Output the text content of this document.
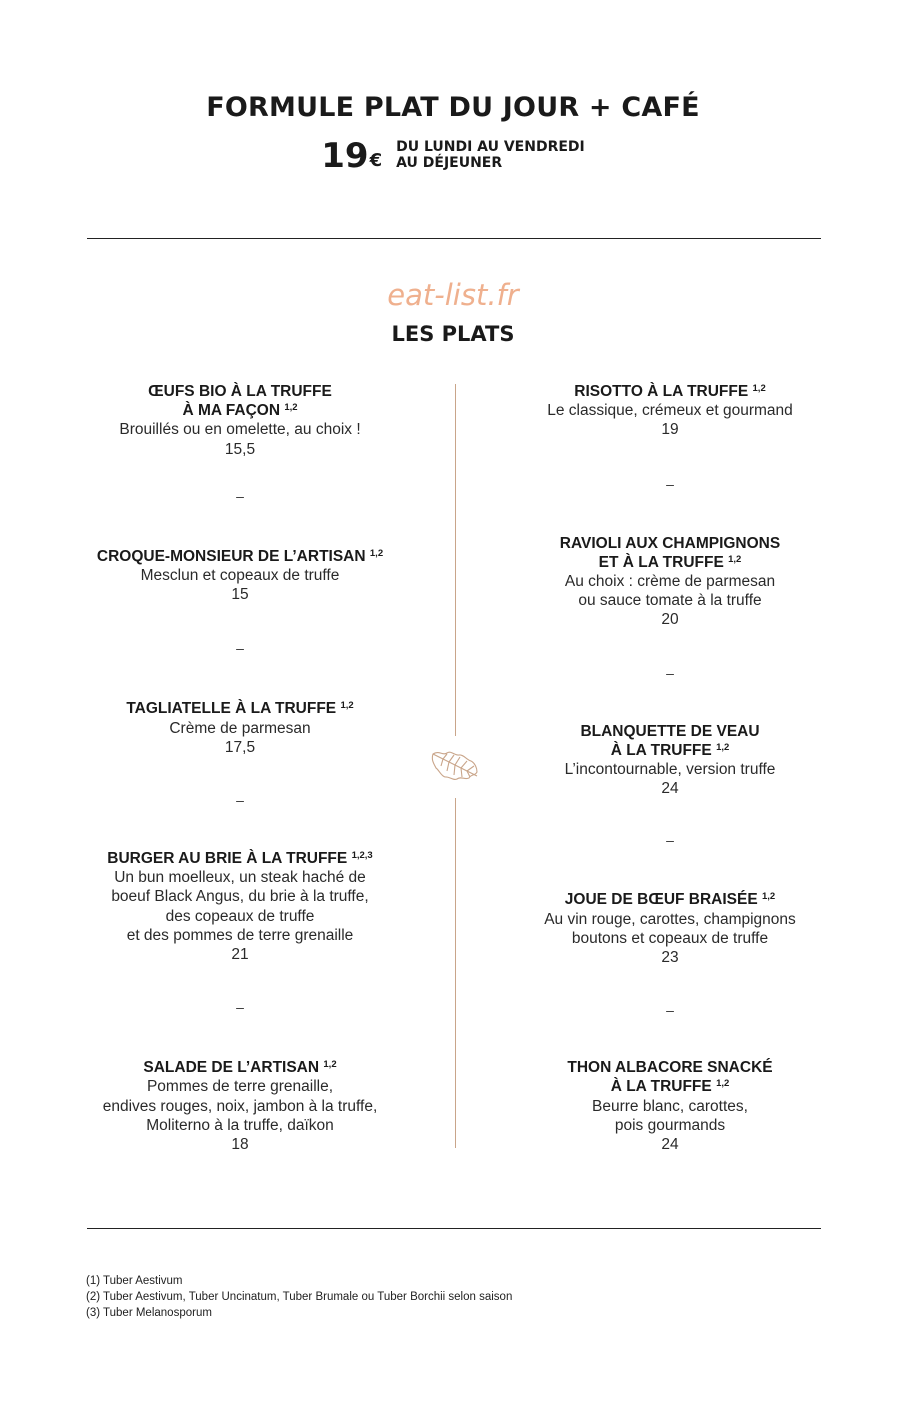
FORMULE PLAT DU JOUR + CAFÉ
19 €
DU LUNDI AU VENDREDI
AU DÉJEUNER
eat-list.fr
LES PLATS
ŒUFS BIO À LA TRUFFE
À MA FAÇON $^{1,2}$
Brouillés ou en omelette, au choix !
15,5
–
CROQUE-MONSIEUR DE L’ARTISAN $^{1,2}$
Mesclun et copeaux de truffe
15
–
TAGLIATELLE À LA TRUFFE $^{1,2}$
Crème de parmesan
17,5
–
BURGER AU BRIE À LA TRUFFE $^{1,2,3}$
Un bun moelleux, un steak haché de
boeuf Black Angus, du brie à la truffe,
des copeaux de truffe
et des pommes de terre grenaille
21
–
SALADE DE L’ARTISAN $^{1,2}$
Pommes de terre grenaille,
endives rouges, noix, jambon à la truffe,
Moliterno à la truffe, daïkon
18
RISOTTO À LA TRUFFE $^{1,2}$
Le classique, crémeux et gourmand
19
–
RAVIOLI AUX CHAMPIGNONS
ET À LA TRUFFE $^{1,2}$
Au choix : crème de parmesan
ou sauce tomate à la truffe
20
–
BLANQUETTE DE VEAU
À LA TRUFFE $^{1,2}$
L’incontournable, version truffe
24
–
JOUE DE BŒUF BRAISÉE $^{1,2}$
Au vin rouge, carottes, champignons
boutons et copeaux de truffe
23
–
THON ALBACORE SNACKÉ
À LA TRUFFE $^{1,2}$
Beurre blanc, carottes,
pois gourmands
24
(1) Tuber Aestivum
(2) Tuber Aestivum, Tuber Uncinatum, Tuber Brumale ou Tuber Borchii selon saison
(3) Tuber Melanosporum
